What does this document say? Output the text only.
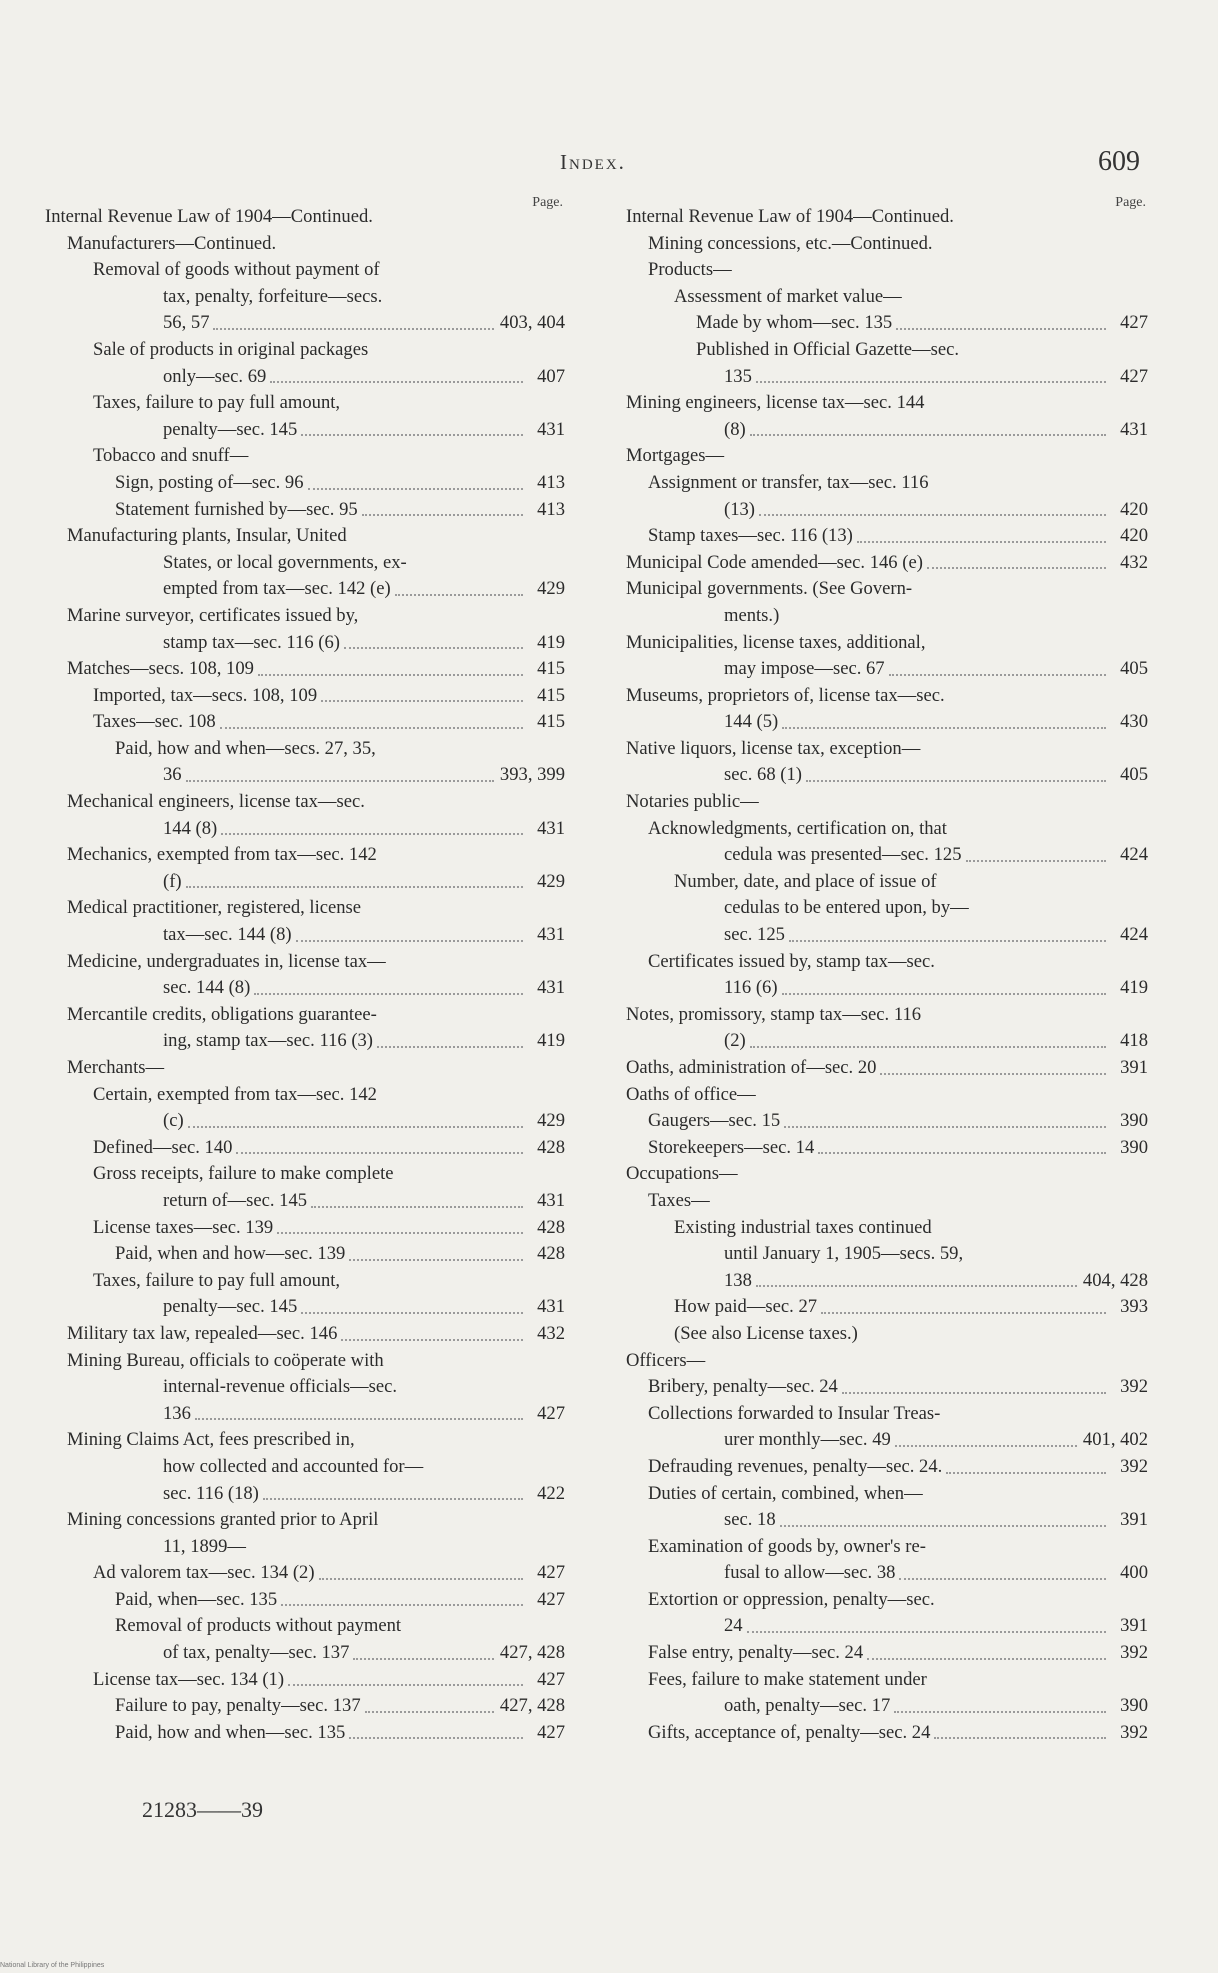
Index.	609
Page.
Internal Revenue Law of 1904—Continued.
Manufacturers—Continued.
Removal of goods without payment of
tax, penalty, forfeiture—secs.
56, 57	403, 404
Sale of products in original packages
only—sec. 69	407
Taxes, failure to pay full amount,
penalty—sec. 145	431
Tobacco and snuff—
Sign, posting of—sec. 96	413
Statement furnished by—sec. 95	413
Manufacturing plants, Insular, United
States, or local governments, ex-
empted from tax—sec. 142 (e)	429
Marine surveyor, certificates issued by,
stamp tax—sec. 116 (6)	419
Matches—secs. 108, 109	415
Imported, tax—secs. 108, 109	415
Taxes—sec. 108	415
Paid, how and when—secs. 27, 35,
36	393, 399
Mechanical engineers, license tax—sec.
144 (8)	431
Mechanics, exempted from tax—sec. 142
(f)	429
Medical practitioner, registered, license
tax—sec. 144 (8)	431
Medicine, undergraduates in, license tax—
sec. 144 (8)	431
Mercantile credits, obligations guarantee-
ing, stamp tax—sec. 116 (3)	419
Merchants—
Certain, exempted from tax—sec. 142
(c)	429
Defined—sec. 140	428
Gross receipts, failure to make complete
return of—sec. 145	431
License taxes—sec. 139	428
Paid, when and how—sec. 139	428
Taxes, failure to pay full amount,
penalty—sec. 145	431
Military tax law, repealed—sec. 146	432
Mining Bureau, officials to coöperate with
internal-revenue officials—sec.
136	427
Mining Claims Act, fees prescribed in,
how collected and accounted for—
sec. 116 (18)	422
Mining concessions granted prior to April
11, 1899—
Ad valorem tax—sec. 134 (2)	427
Paid, when—sec. 135	427
Removal of products without payment
of tax, penalty—sec. 137	427, 428
License tax—sec. 134 (1)	427
Failure to pay, penalty—sec. 137	427, 428
Paid, how and when—sec. 135	427
Page.
Internal Revenue Law of 1904—Continued.
Mining concessions, etc.—Continued.
Products—
Assessment of market value—
Made by whom—sec. 135	427
Published in Official Gazette—sec.
135	427
Mining engineers, license tax—sec. 144
(8)	431
Mortgages—
Assignment or transfer, tax—sec. 116
(13)	420
Stamp taxes—sec. 116 (13)	420
Municipal Code amended—sec. 146 (e)	432
Municipal governments. (See Govern-
ments.)
Municipalities, license taxes, additional,
may impose—sec. 67	405
Museums, proprietors of, license tax—sec.
144 (5)	430
Native liquors, license tax, exception—
sec. 68 (1)	405
Notaries public—
Acknowledgments, certification on, that
cedula was presented—sec. 125	424
Number, date, and place of issue of
cedulas to be entered upon, by—
sec. 125	424
Certificates issued by, stamp tax—sec.
116 (6)	419
Notes, promissory, stamp tax—sec. 116
(2)	418
Oaths, administration of—sec. 20	391
Oaths of office—
Gaugers—sec. 15	390
Storekeepers—sec. 14	390
Occupations—
Taxes—
Existing industrial taxes continued
until January 1, 1905—secs. 59,
138	404, 428
How paid—sec. 27	393
(See also License taxes.)
Officers—
Bribery, penalty—sec. 24	392
Collections forwarded to Insular Treas-
urer monthly—sec. 49	401, 402
Defrauding revenues, penalty—sec. 24.	392
Duties of certain, combined, when—
sec. 18	391
Examination of goods by, owner's re-
fusal to allow—sec. 38	400
Extortion or oppression, penalty—sec.
24	391
False entry, penalty—sec. 24	392
Fees, failure to make statement under
oath, penalty—sec. 17	390
Gifts, acceptance of, penalty—sec. 24	392
21283——39
National Library of the Philippines
